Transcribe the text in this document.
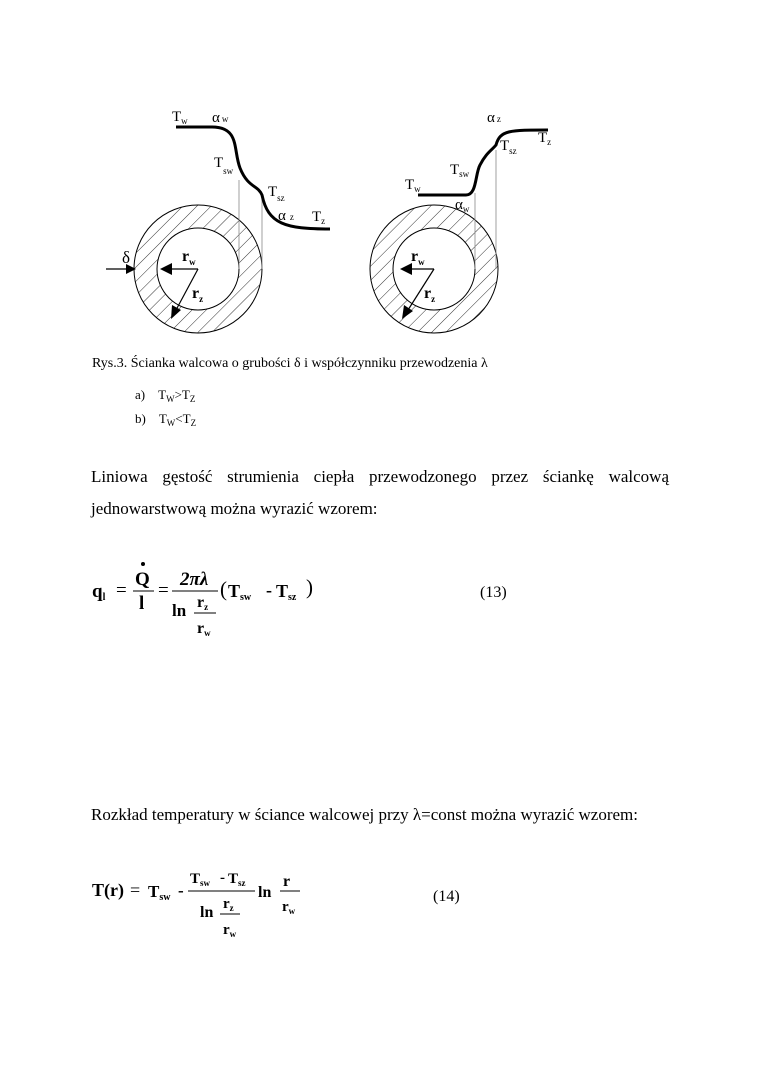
$T_w$ αw
$T_{sw}$
$T_{sz}$
αz $T_z$
δ	$r_w$
$r_z$
αz
$T_z$
$T_{sz}$
$T_{sw}$
$T_w$
$\alpha_w$
$r_w$
$r_z$
Rys.3. Ścianka walcowa o grubości δ i współczynniku przewodzenia λ
a) $T_W>T_Z$
b) $T_W<T_Z$
Liniowa gęstość strumienia ciepła przewodzonego przez ściankę walcową
jednowarstwową można wyrazić wzorem:
ql =
Q
l
=
2πλ
ln rz
rw
( Tsw - Tsz )	(13)
Rozkład temperatury w ściance walcowej przy λ=const można wyrazić wzorem:
T(r) = Tsw -
$T_{sw} - T_{sz}$
$\ln r_z$
$r_w$
ln
r
$r_w$
(14)
